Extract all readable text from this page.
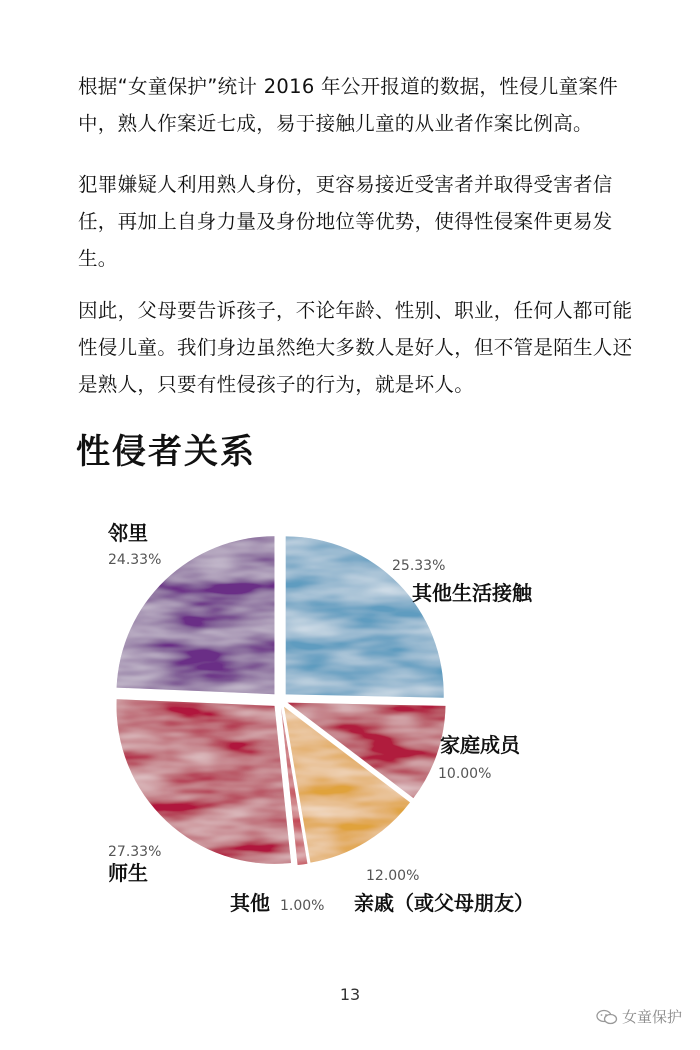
根据“女童保护”统计 2016 年公开报道的数据，性侵儿童案件中，熟人作案近七成，易于接触儿童的从业者作案比例高。

犯罪嫌疑人利用熟人身份，更容易接近受害者并取得受害者信任，再加上自身力量及身份地位等优势，使得性侵案件更易发生。

因此，父母要告诉孩子，不论年龄、性别、职业，任何人都可能性侵儿童。我们身边虽然绝大多数人是好人，但不管是陌生人还是熟人，只要有性侵孩子的行为，就是坏人。

性侵者关系
其他生活接触
25.33%
家庭成员
10.00%
亲戚（或父母朋友）
12.00%
其他 1.00%
师生
27.33%
邻里
24.33%
13
女童保护
